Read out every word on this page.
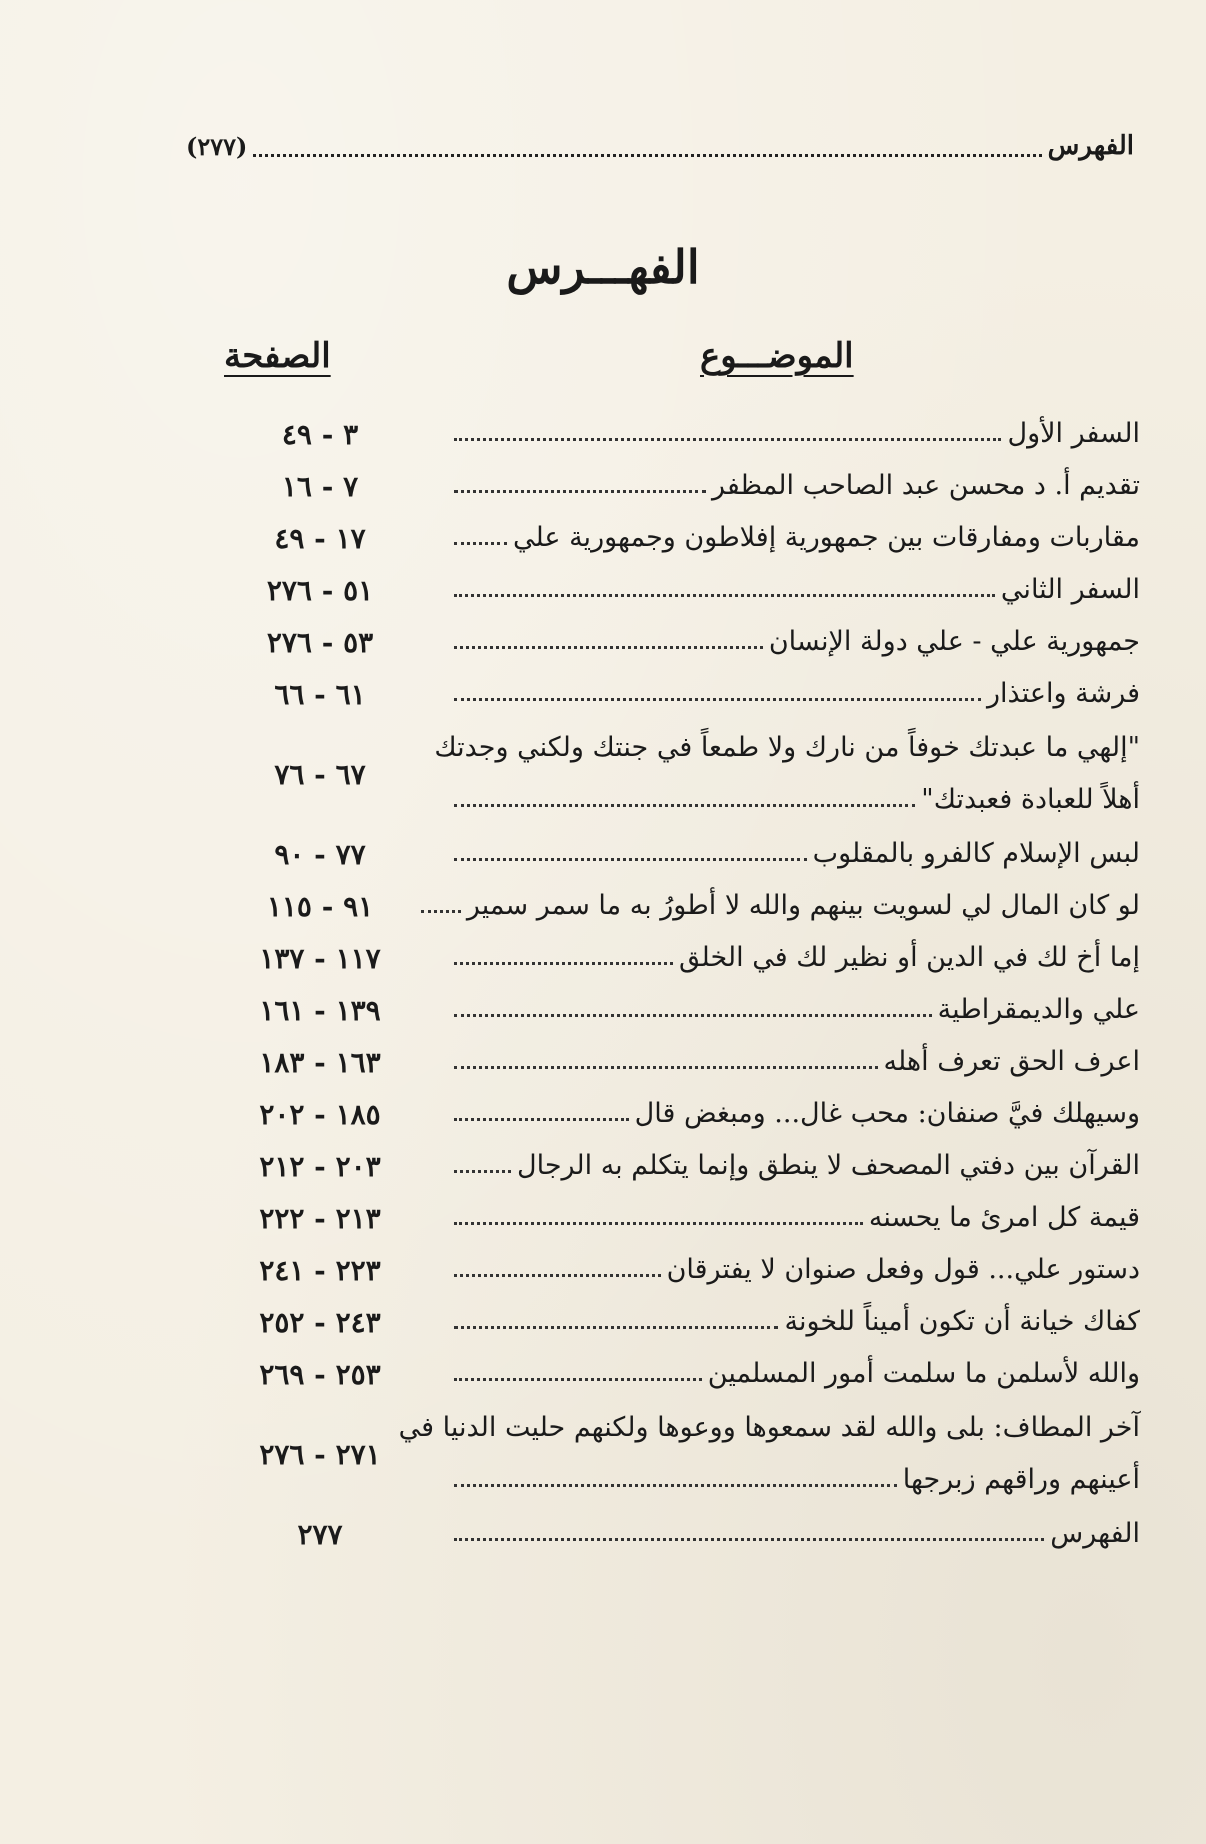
الفهرس
(٢٧٧)
الفهـــرس
الموضـــوع
الصفحة
السفر الأول
٣ - ٤٩
تقديم أ. د محسن عبد الصاحب المظفر
٧ - ١٦
مقاربات ومفارقات بين جمهورية إفلاطون وجمهورية علي
١٧ - ٤٩
السفر الثاني
٥١ - ٢٧٦
جمهورية علي - علي دولة الإنسان
٥٣ - ٢٧٦
فرشة واعتذار
٦١ - ٦٦
"إلهي ما عبدتك خوفاً من نارك ولا طمعاً في جنتك ولكني وجدتك
أهلاً للعبادة فعبدتك"
٦٧ - ٧٦
لبس الإسلام كالفرو بالمقلوب
٧٧ - ٩٠
لو كان المال لي لسويت بينهم والله لا أطورُ به ما سمر سمير
٩١ - ١١٥
إما أخ لك في الدين أو نظير لك في الخلق
١١٧ - ١٣٧
علي والديمقراطية
١٣٩ - ١٦١
اعرف الحق تعرف أهله
١٦٣ - ١٨٣
وسيهلك فيَّ صنفان: محب غال... ومبغض قال
١٨٥ - ٢٠٢
القرآن بين دفتي المصحف لا ينطق وإنما يتكلم به الرجال
٢٠٣ - ٢١٢
قيمة كل امرئ ما يحسنه
٢١٣ - ٢٢٢
دستور علي... قول وفعل صنوان لا يفترقان
٢٢٣ - ٢٤١
كفاك خيانة أن تكون أميناً للخونة
٢٤٣ - ٢٥٢
والله لأسلمن ما سلمت أمور المسلمين
٢٥٣ - ٢٦٩
آخر المطاف: بلى والله لقد سمعوها ووعوها ولكنهم حليت الدنيا في
أعينهم وراقهم زبرجها
٢٧١ - ٢٧٦
الفهرس
٢٧٧
